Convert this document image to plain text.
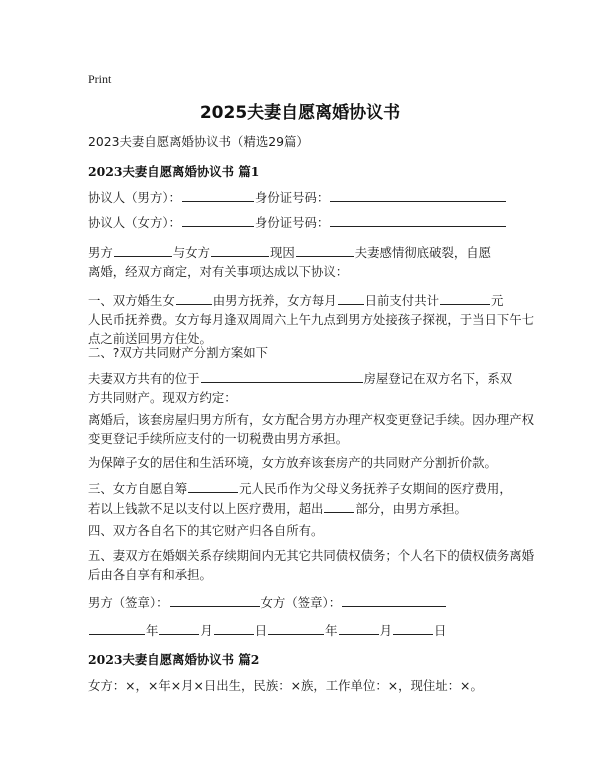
Print
2025夫妻自愿离婚协议书
2023夫妻自愿离婚协议书（精选29篇）
2023夫妻自愿离婚协议书 篇1
协议人（男方）：	身份证号码：
协议人（女方）：	身份证号码：
男方	与女方	现因	夫妻感情彻底破裂，自愿
离婚，经双方商定，对有关事项达成以下协议：
一、双方婚生女	由男方抚养，女方每月 日前支付共计	元
人民币抚养费。女方每月逢双周周六上午九点到男方处接孩子探视，于当日下午七
点之前送回男方住处。
二、?双方共同财产分割方案如下
夫妻双方共有的位于	房屋登记在双方名下，系双
方共同财产。现双方约定：
离婚后，该套房屋归男方所有，女方配合男方办理产权变更登记手续。因办理产权
变更登记手续所应支付的一切税费由男方承担。
为保障子女的居住和生活环境，女方放弃该套房产的共同财产分割折价款。
三、女方自愿自筹	元人民币作为父母义务抚养子女期间的医疗费用，
若以上钱款不足以支付以上医疗费用，超出	部分，由男方承担。
四、双方各自名下的其它财产归各自所有。
五、妻双方在婚姻关系存续期间内无其它共同债权债务；个人名下的债权债务离婚
后由各自享有和承担。
男方（签章）：	女方（签章）：
年	月	日	年	月	日
2023夫妻自愿离婚协议书 篇2
女方：×，×年×月×日出生，民族：×族，工作单位：×，现住址：×。
